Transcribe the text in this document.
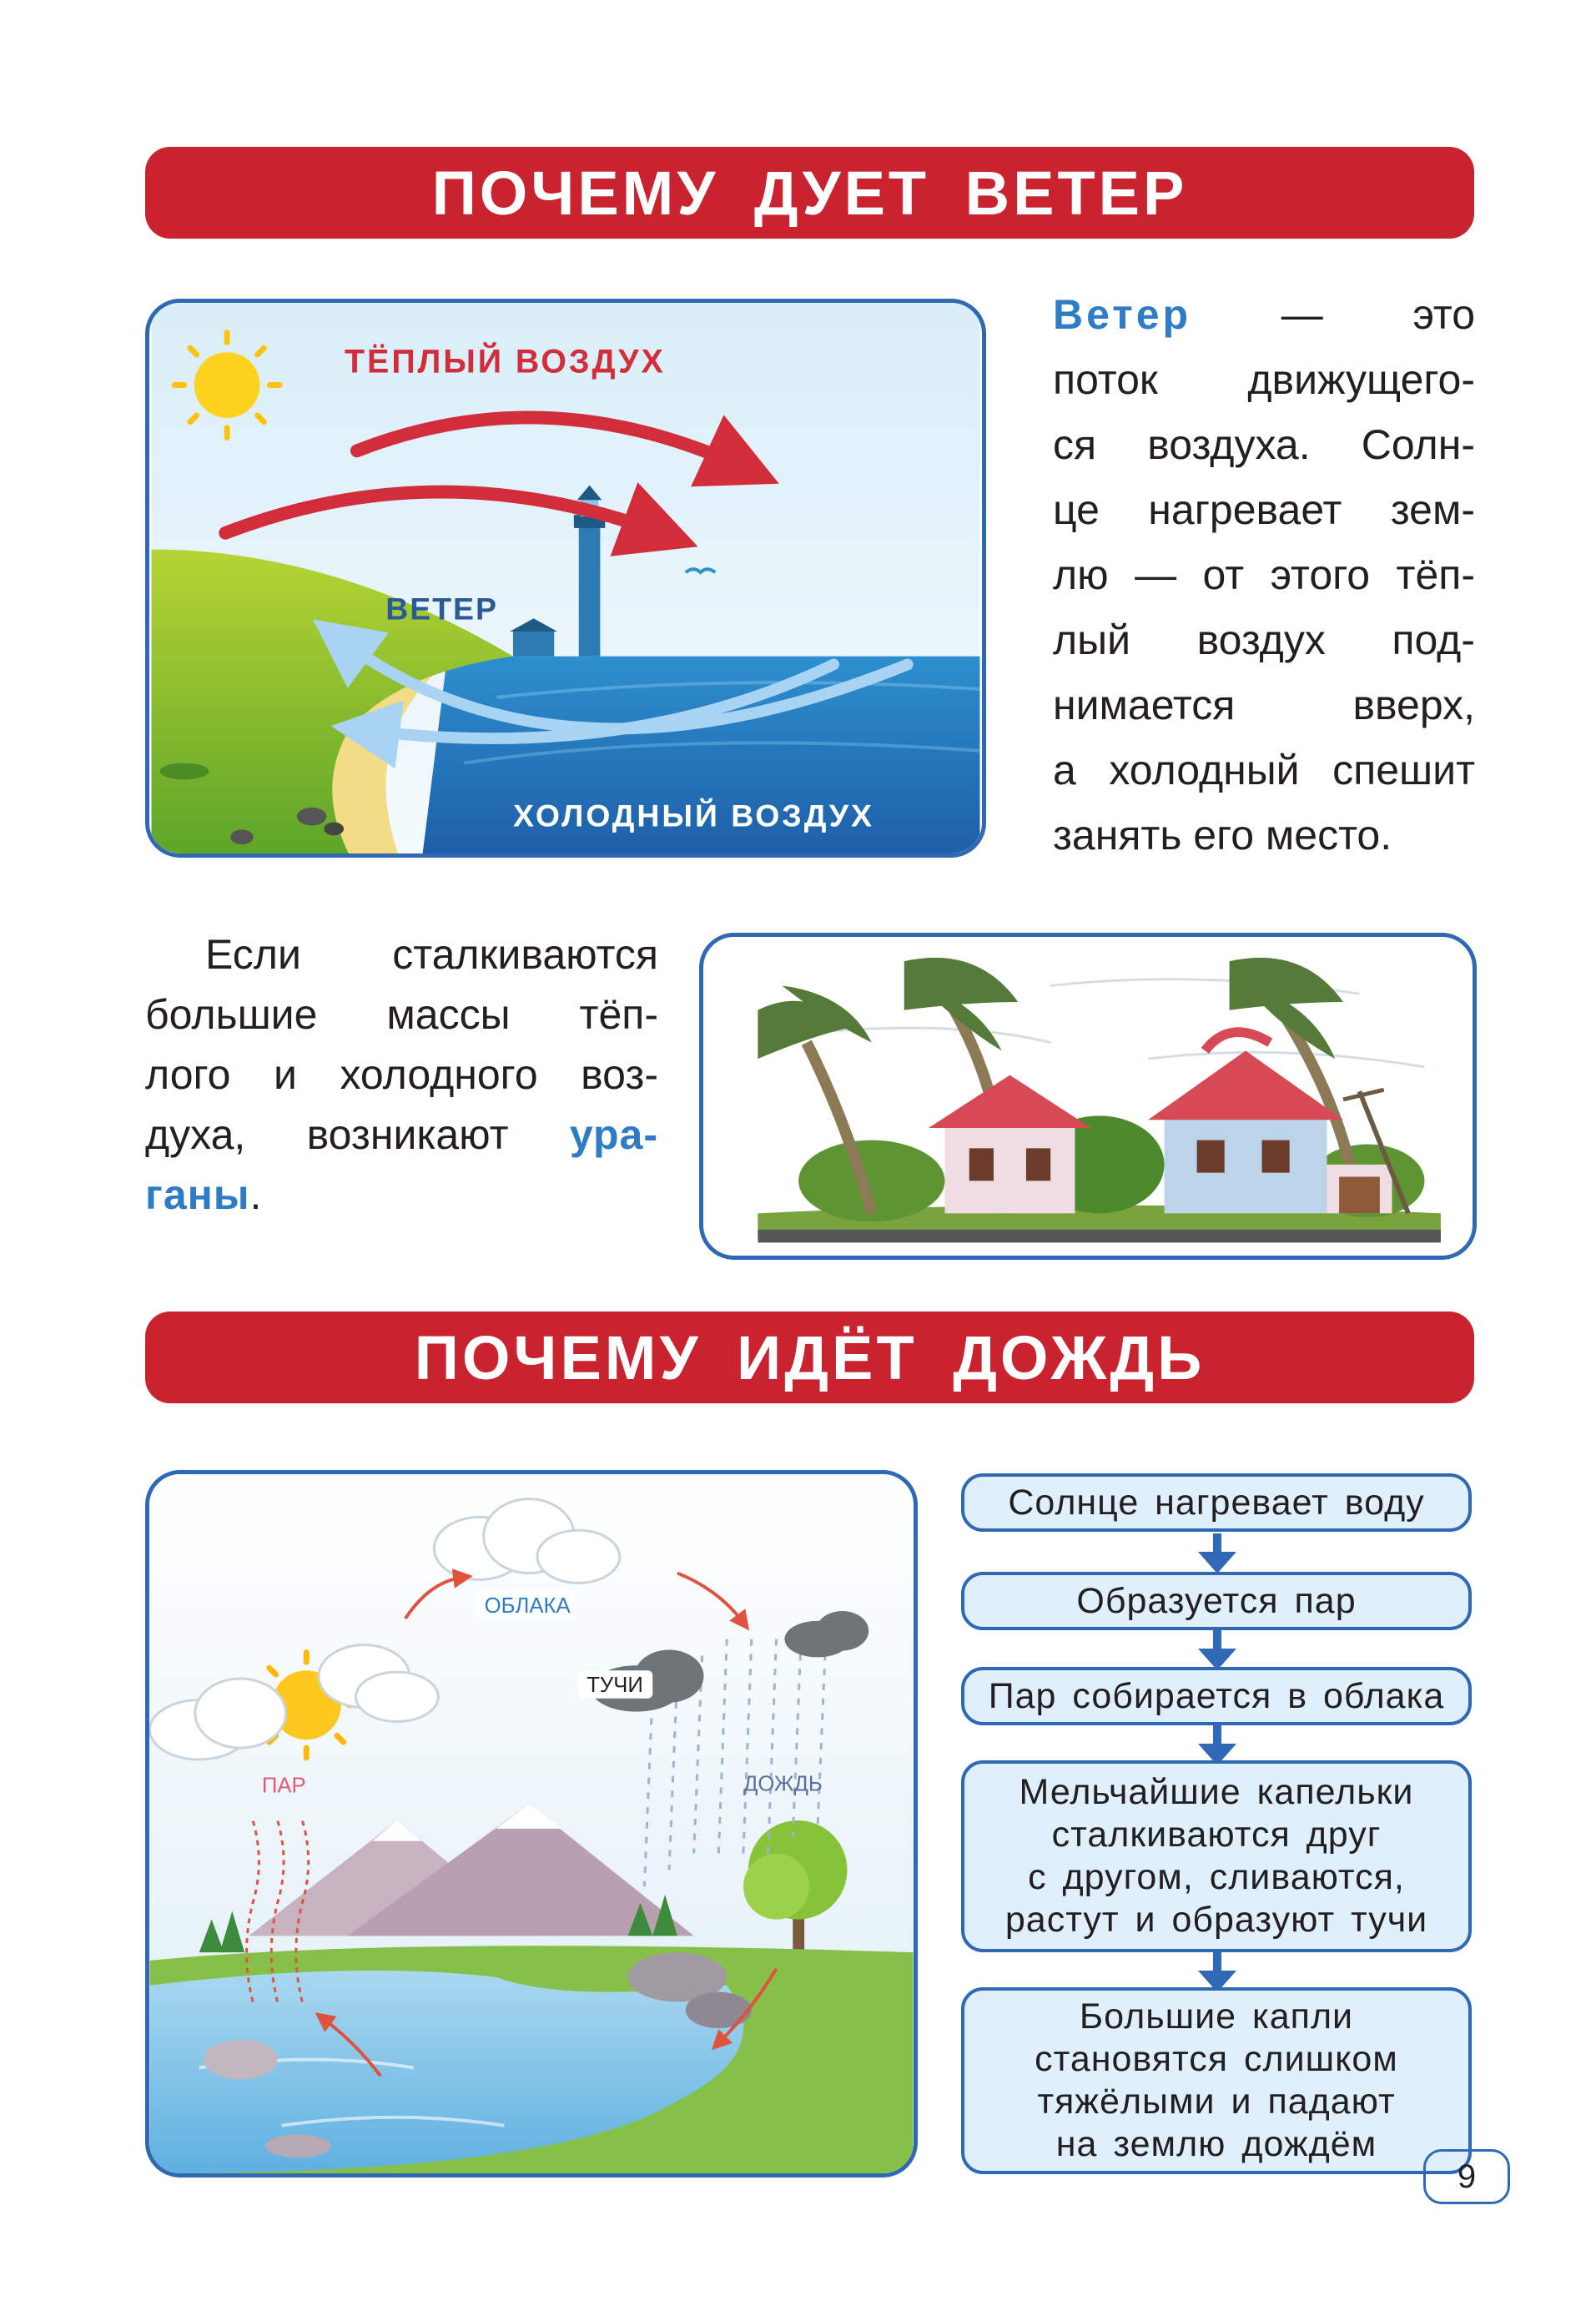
ПОЧЕМУ ДУЕТ ВЕТЕР
ТЁПЛЫЙ ВОЗДУХ
ВЕТЕР
ХОЛОДНЫЙ ВОЗДУХ
Ветер — это
поток движущего-
ся воздуха. Солн-
це нагревает зем-
лю — от этого тёп-
лый воздух под-
нимается вверх,
а холодный спешит
занять его место.
Если сталкиваются
большие массы тёп-
лого и холодного воз-
духа, возникают ура-
ганы.
ПОЧЕМУ ИДЁТ ДОЖДЬ
ОБЛАКА
ТУЧИ
ПАР	ДОЖДЬ
Солнце нагревает воду
Образуется пар
Пар собирается в облака
Мельчайшие капельки
сталкиваются друг
с другом, сливаются,
растут и образуют тучи
Большие капли
становятся слишком
тяжёлыми и падают
на землю дождём
9
